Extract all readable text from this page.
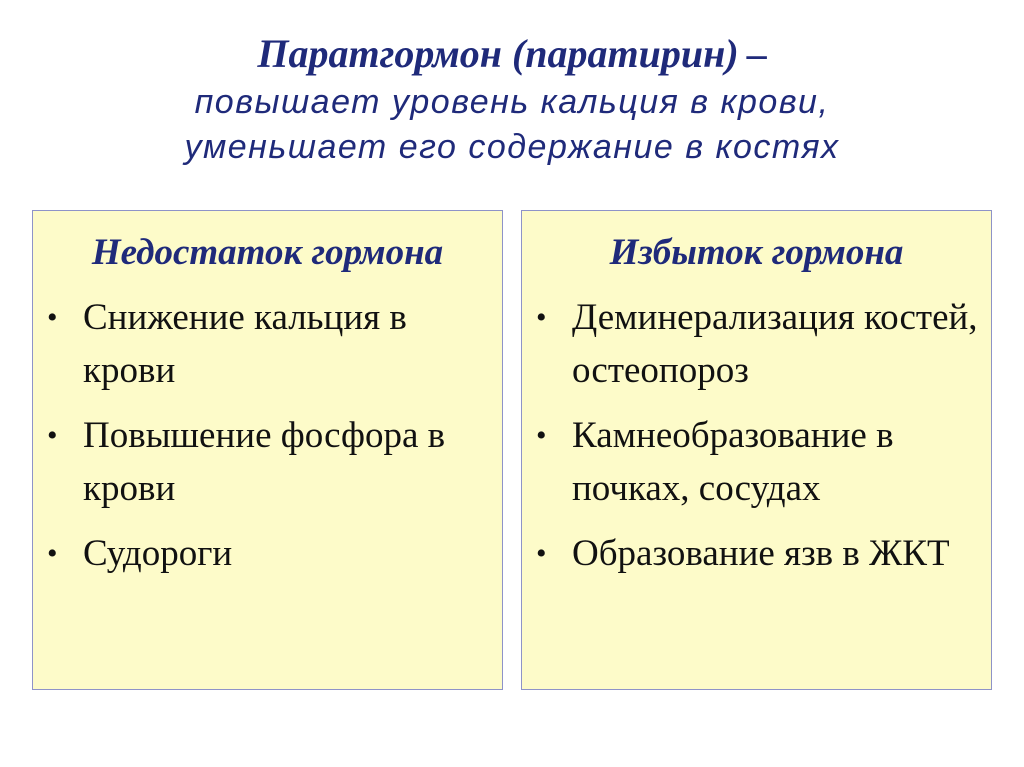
Паратгормон (паратирин) –
повышает уровень кальция в крови,
уменьшает его содержание в костях
Недостаток гормона
• Снижение кальция в крови
• Повышение фосфора в крови
• Судороги
Избыток гормона
• Деминерализация костей, остеопороз
• Камнеобразование в почках, сосудах
• Образование язв в ЖКТ
